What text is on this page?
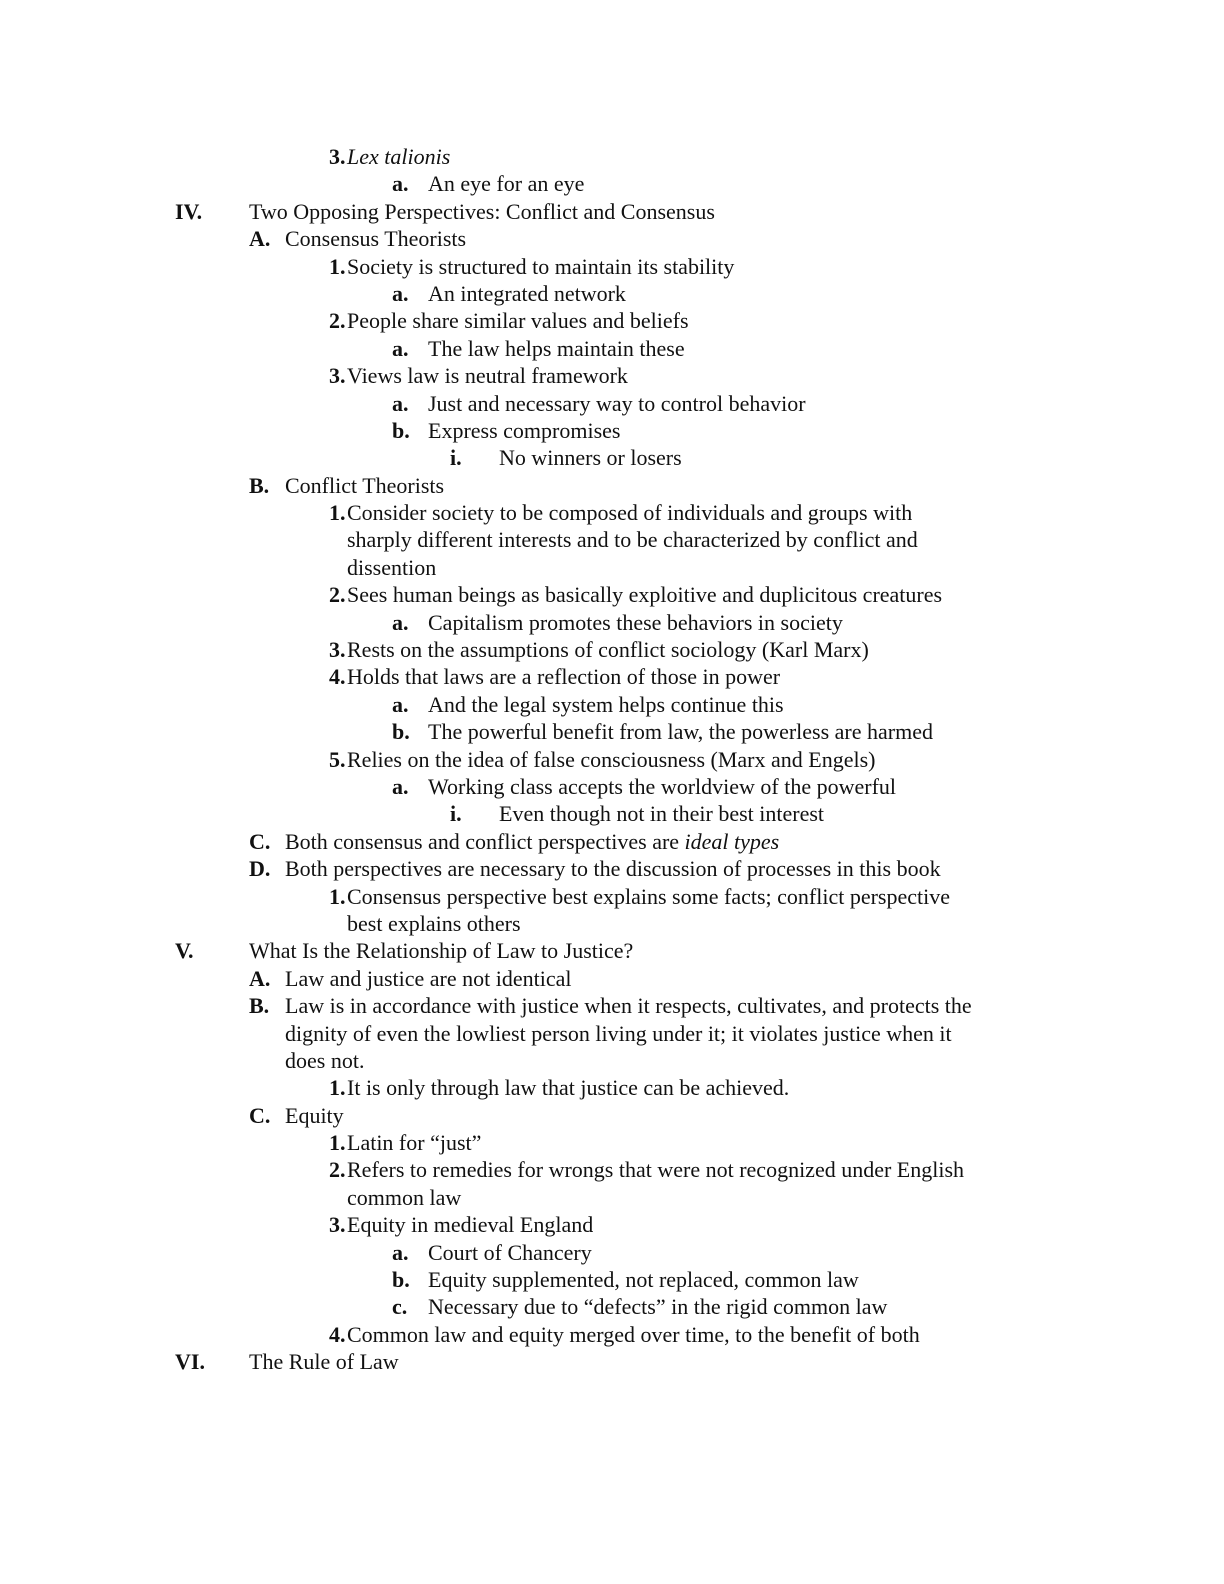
3. Lex talionis
a. An eye for an eye
IV. Two Opposing Perspectives: Conflict and Consensus
A. Consensus Theorists
1. Society is structured to maintain its stability
a. An integrated network
2. People share similar values and beliefs
a. The law helps maintain these
3. Views law is neutral framework
a. Just and necessary way to control behavior
b. Express compromises
i. No winners or losers
B. Conflict Theorists
1. Consider society to be composed of individuals and groups with
sharply different interests and to be characterized by conflict and
dissention
2. Sees human beings as basically exploitive and duplicitous creatures
a. Capitalism promotes these behaviors in society
3. Rests on the assumptions of conflict sociology (Karl Marx)
4. Holds that laws are a reflection of those in power
a. And the legal system helps continue this
b. The powerful benefit from law, the powerless are harmed
5. Relies on the idea of false consciousness (Marx and Engels)
a. Working class accepts the worldview of the powerful
i. Even though not in their best interest
C. Both consensus and conflict perspectives are ideal types
D. Both perspectives are necessary to the discussion of processes in this book
1. Consensus perspective best explains some facts; conflict perspective
best explains others
V.	What Is the Relationship of Law to Justice?
A. Law and justice are not identical
B. Law is in accordance with justice when it respects, cultivates, and protects the
dignity of even the lowliest person living under it; it violates justice when it
does not.
1. It is only through law that justice can be achieved.
C. Equity
1. Latin for “just”
2. Refers to remedies for wrongs that were not recognized under English
common law
3. Equity in medieval England
a. Court of Chancery
b. Equity supplemented, not replaced, common law
c. Necessary due to “defects” in the rigid common law
4. Common law and equity merged over time, to the benefit of both
VI. The Rule of Law
